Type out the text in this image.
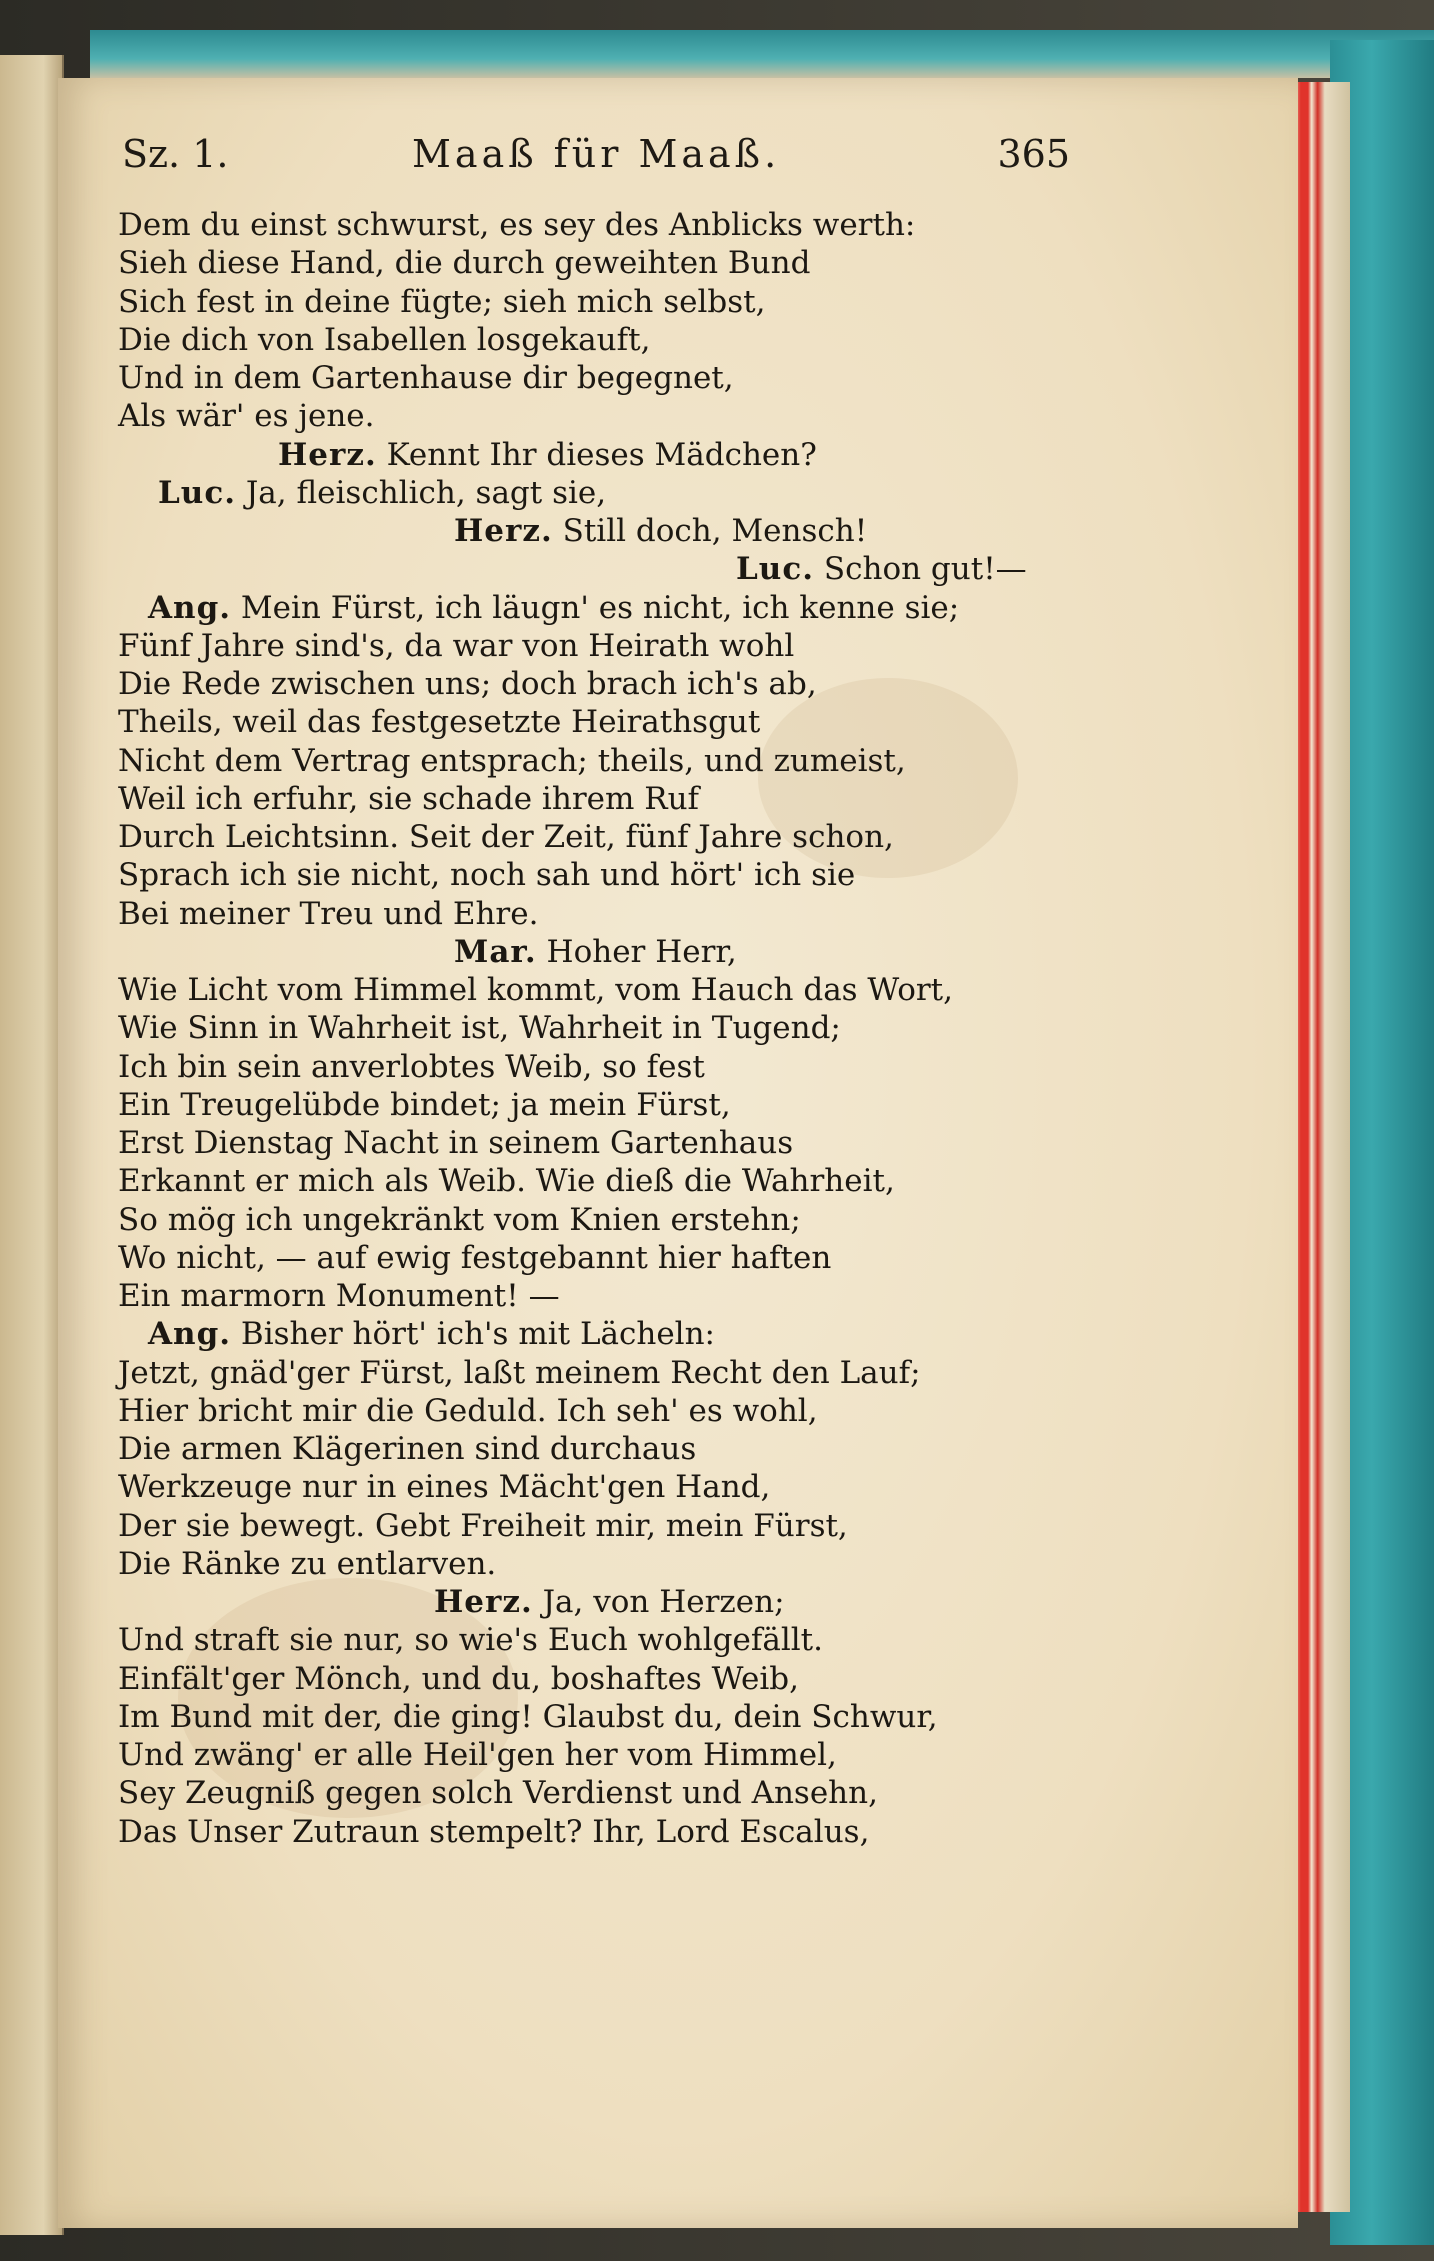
Sz. 1.	Maaß für Maaß.	365
Dem du einst schwurst, es sey des Anblicks werth:
Sieh diese Hand, die durch geweihten Bund
Sich fest in deine fügte; sieh mich selbst,
Die dich von Isabellen losgekauft,
Und in dem Gartenhause dir begegnet,
Als wär' es jene.
Herz. Kennt Ihr dieses Mädchen?
Luc. Ja, fleischlich, sagt sie,
Herz. Still doch, Mensch!
Luc. Schon gut!—
Ang. Mein Fürst, ich läugn' es nicht, ich kenne sie;
Fünf Jahre sind's, da war von Heirath wohl
Die Rede zwischen uns; doch brach ich's ab,
Theils, weil das festgesetzte Heirathsgut
Nicht dem Vertrag entsprach; theils, und zumeist,
Weil ich erfuhr, sie schade ihrem Ruf
Durch Leichtsinn. Seit der Zeit, fünf Jahre schon,
Sprach ich sie nicht, noch sah und hört' ich sie
Bei meiner Treu und Ehre.
Mar. Hoher Herr,
Wie Licht vom Himmel kommt, vom Hauch das Wort,
Wie Sinn in Wahrheit ist, Wahrheit in Tugend;
Ich bin sein anverlobtes Weib, so fest
Ein Treugelübde bindet; ja mein Fürst,
Erst Dienstag Nacht in seinem Gartenhaus
Erkannt er mich als Weib. Wie dieß die Wahrheit,
So mög ich ungekränkt vom Knien erstehn;
Wo nicht, — auf ewig festgebannt hier haften
Ein marmorn Monument! —
Ang. Bisher hört' ich's mit Lächeln:
Jetzt, gnäd'ger Fürst, laßt meinem Recht den Lauf;
Hier bricht mir die Geduld. Ich seh' es wohl,
Die armen Klägerinen sind durchaus
Werkzeuge nur in eines Mächt'gen Hand,
Der sie bewegt. Gebt Freiheit mir, mein Fürst,
Die Ränke zu entlarven.
Herz. Ja, von Herzen;
Und straft sie nur, so wie's Euch wohlgefällt.
Einfält'ger Mönch, und du, boshaftes Weib,
Im Bund mit der, die ging! Glaubst du, dein Schwur,
Und zwäng' er alle Heil'gen her vom Himmel,
Sey Zeugniß gegen solch Verdienst und Ansehn,
Das Unser Zutraun stempelt? Ihr, Lord Escalus,
